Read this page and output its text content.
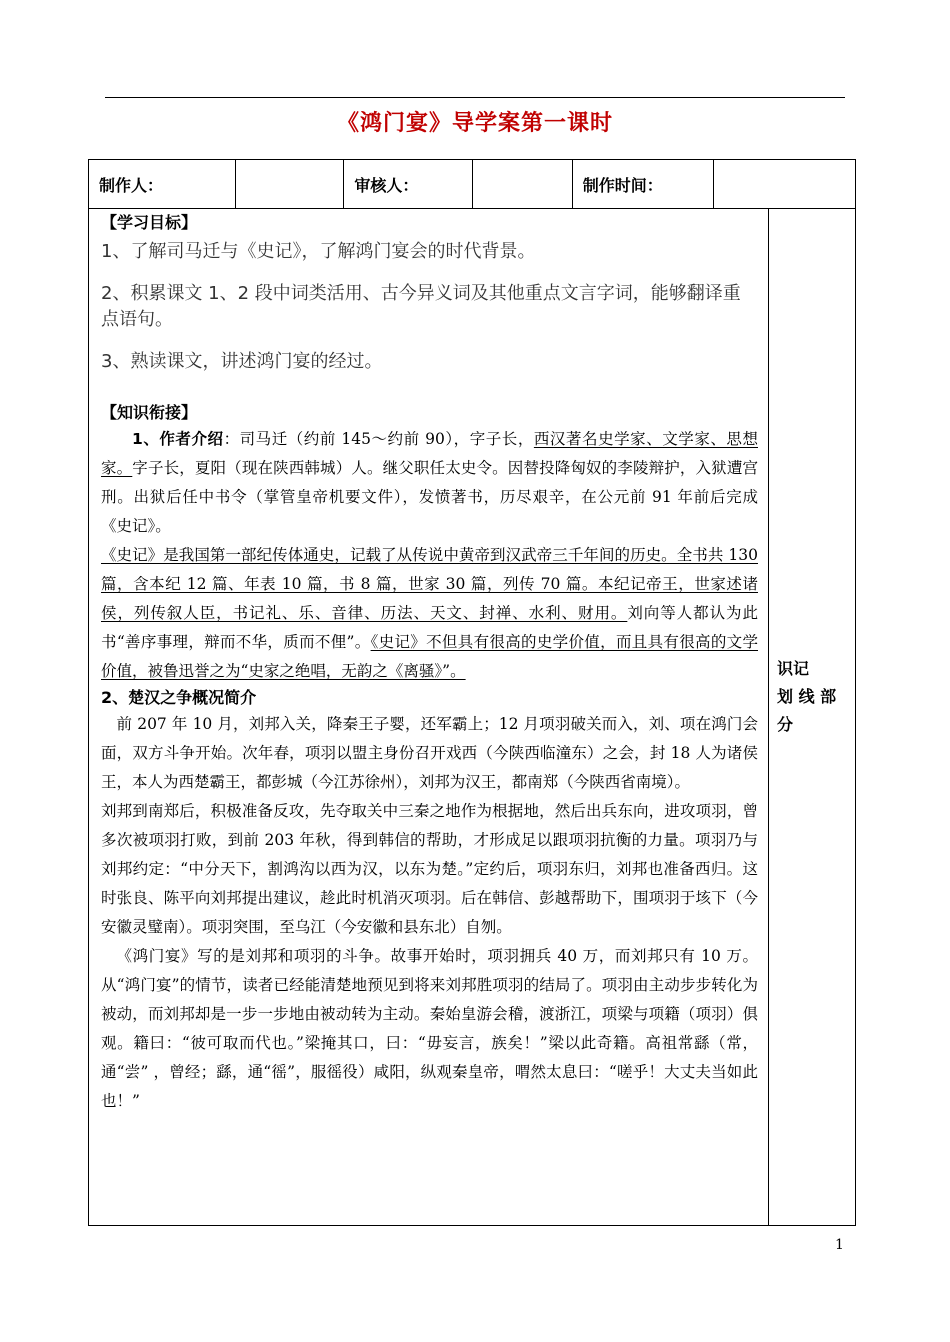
《鸿门宴》导学案第一课时
制作人：	审核人：	制作时间：
【学习目标】
1、了解司马迁与《史记》，了解鸿门宴会的时代背景。
2、积累课文 1、2 段中词类活用、古今异义词及其他重点文言字词，能够翻译重点语句。
3、熟读课文，讲述鸿门宴的经过。
【知识衔接】

1、作者介绍：司马迁（约前 145～约前 90），字子长，西汉著名史学家、文学家、思想家。字子长，夏阳（现在陕西韩城）人。继父职任太史令。因替投降匈奴的李陵辩护，入狱遭宫刑。出狱后任中书令（掌管皇帝机要文件），发愤著书，历尽艰辛，在公元前 91 年前后完成《史记》。

《史记》是我国第一部纪传体通史，记载了从传说中黄帝到汉武帝三千年间的历史。全书共 130 篇，含本纪 12 篇、年表 10 篇，书 8 篇，世家 30 篇，列传 70 篇。本纪记帝王，世家述诸侯，列传叙人臣，书记礼、乐、音律、历法、天文、封禅、水利、财用。刘向等人都认为此书“善序事理，辩而不华，质而不俚”。《史记》不但具有很高的史学价值，而且具有很高的文学价值，被鲁迅誉之为“史家之绝唱，无韵之《离骚》”。

2、楚汉之争概况简介

前 207 年 10 月，刘邦入关，降秦王子婴，还军霸上；12 月项羽破关而入，刘、项在鸿门会面，双方斗争开始。次年春，项羽以盟主身份召开戏西（今陕西临潼东）之会，封 18 人为诸侯王，本人为西楚霸王，都彭城（今江苏徐州），刘邦为汉王，都南郑（今陕西省南境）。

刘邦到南郑后，积极准备反攻，先夺取关中三秦之地作为根据地，然后出兵东向，进攻项羽，曾多次被项羽打败，到前 203 年秋，得到韩信的帮助，才形成足以跟项羽抗衡的力量。项羽乃与刘邦约定：“中分天下，割鸿沟以西为汉，以东为楚。”定约后，项羽东归，刘邦也准备西归。这时张良、陈平向刘邦提出建议，趁此时机消灭项羽。后在韩信、彭越帮助下，围项羽于垓下（今安徽灵璧南）。项羽突围，至乌江（今安徽和县东北）自刎。

《鸿门宴》写的是刘邦和项羽的斗争。故事开始时，项羽拥兵 40 万，而刘邦只有 10 万。从“鸿门宴”的情节，读者已经能清楚地预见到将来刘邦胜项羽的结局了。项羽由主动步步转化为被动，而刘邦却是一步一步地由被动转为主动。秦始皇游会稽，渡浙江，项梁与项籍（项羽）俱观。籍曰：“彼可取而代也。”梁掩其口，曰：“毋妄言，族矣！”梁以此奇籍。高祖常繇（常，通“尝” ，曾经；繇，通“徭”，服徭役）咸阳，纵观秦皇帝，喟然太息曰：“嗟乎！大丈夫当如此也！”

识记
划 线 部
分
1
